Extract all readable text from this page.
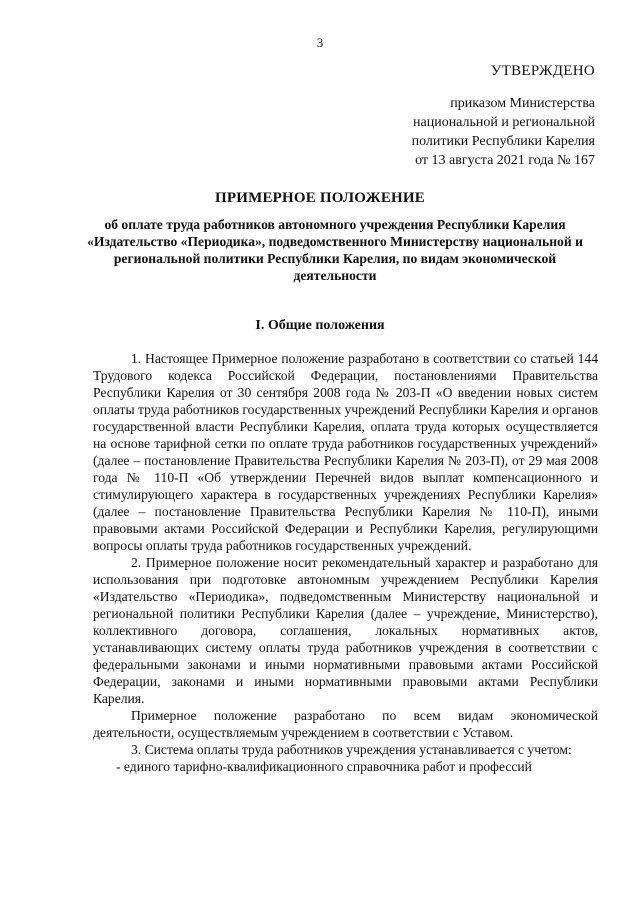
3
УТВЕРЖДЕНО
приказом Министерства
национальной и региональной
политики Республики Карелия
от 13 августа 2021 года № 167
ПРИМЕРНОЕ ПОЛОЖЕНИЕ
об оплате труда работников автономного учреждения Республики Карелия «Издательство «Периодика», подведомственного Министерству национальной и региональной политики Республики Карелия, по видам экономической деятельности
I. Общие положения

1. Настоящее Примерное положение разработано в соответствии со статьей 144 Трудового кодекса Российской Федерации, постановлениями Правительства Республики Карелия от 30 сентября 2008 года № 203-П «О введении новых систем оплаты труда работников государственных учреждений Республики Карелия и органов государственной власти Республики Карелия, оплата труда которых осуществляется на основе тарифной сетки по оплате труда работников государственных учреждений» (далее – постановление Правительства Республики Карелия № 203-П), от 29 мая 2008 года № 110-П «Об утверждении Перечней видов выплат компенсационного и стимулирующего характера в государственных учреждениях Республики Карелия» (далее – постановление Правительства Республики Карелия № 110-П), иными правовыми актами Российской Федерации и Республики Карелия, регулирующими вопросы оплаты труда работников государственных учреждений.

2. Примерное положение носит рекомендательный характер и разработано для использования при подготовке автономным учреждением Республики Карелия «Издательство «Периодика», подведомственным Министерству национальной и региональной политики Республики Карелия (далее – учреждение, Министерство), коллективного договора, соглашения, локальных нормативных актов, устанавливающих систему оплаты труда работников учреждения в соответствии с федеральными законами и иными нормативными правовыми актами Российской Федерации, законами и иными нормативными правовыми актами Республики Карелия.

Примерное положение разработано по всем видам экономической деятельности, осуществляемым учреждением в соответствии с Уставом.

3. Система оплаты труда работников учреждения устанавливается с учетом:

- единого тарифно-квалификационного справочника работ и профессий
